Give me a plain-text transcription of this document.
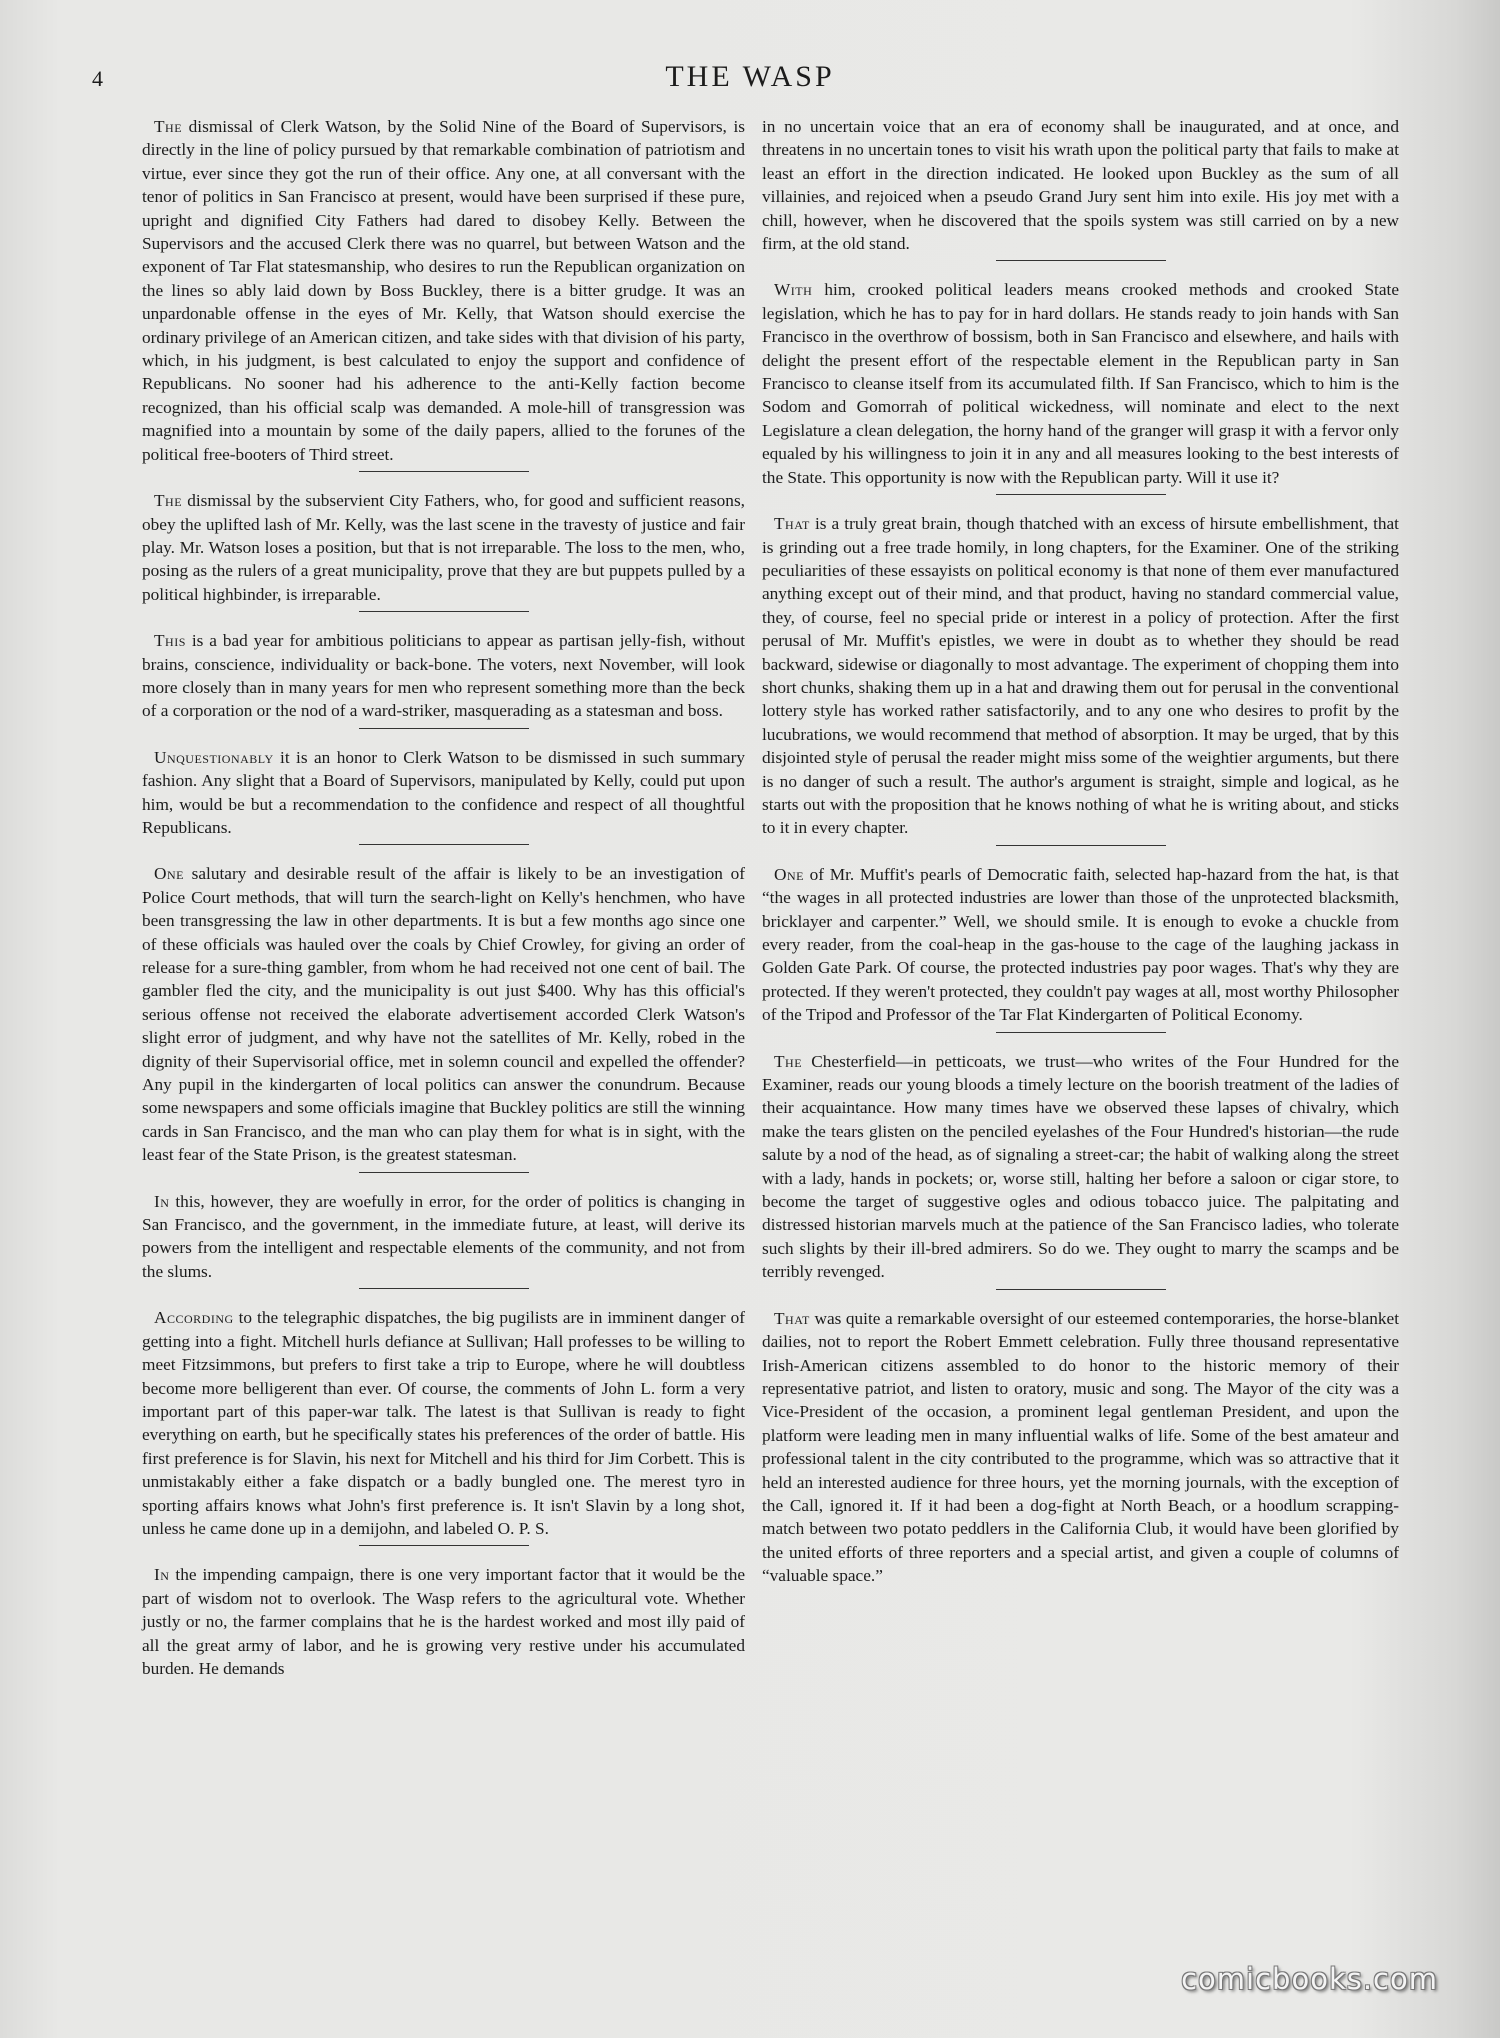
4	THE WASP

The dismissal of Clerk Watson, by the Solid Nine of the Board of Supervisors, is directly in the line of policy pursued by that remarkable combination of patriotism and virtue, ever since they got the run of their office. Any one, at all conversant with the tenor of politics in San Francisco at present, would have been surprised if these pure, upright and dignified City Fathers had dared to disobey Kelly. Between the Supervisors and the accused Clerk there was no quarrel, but between Watson and the exponent of Tar Flat statesmanship, who desires to run the Republican organization on the lines so ably laid down by Boss Buckley, there is a bitter grudge. It was an unpardonable offense in the eyes of Mr. Kelly, that Watson should exercise the ordinary privilege of an American citizen, and take sides with that division of his party, which, in his judgment, is best calculated to enjoy the support and confidence of Republicans. No sooner had his adherence to the anti-Kelly faction become recognized, than his official scalp was demanded. A mole-hill of transgression was magnified into a mountain by some of the daily papers, allied to the forunes of the political free-booters of Third street.

The dismissal by the subservient City Fathers, who, for good and sufficient reasons, obey the uplifted lash of Mr. Kelly, was the last scene in the travesty of justice and fair play. Mr. Watson loses a position, but that is not irreparable. The loss to the men, who, posing as the rulers of a great municipality, prove that they are but puppets pulled by a political highbinder, is irreparable.

This is a bad year for ambitious politicians to appear as partisan jelly-fish, without brains, conscience, individuality or back-bone. The voters, next November, will look more closely than in many years for men who represent something more than the beck of a corporation or the nod of a ward-striker, masquerading as a statesman and boss.

Unquestionably it is an honor to Clerk Watson to be dismissed in such summary fashion. Any slight that a Board of Supervisors, manipulated by Kelly, could put upon him, would be but a recommendation to the confidence and respect of all thoughtful Republicans.

One salutary and desirable result of the affair is likely to be an investigation of Police Court methods, that will turn the search-light on Kelly's henchmen, who have been transgressing the law in other departments. It is but a few months ago since one of these officials was hauled over the coals by Chief Crowley, for giving an order of release for a sure-thing gambler, from whom he had received not one cent of bail. The gambler fled the city, and the municipality is out just $400. Why has this official's serious offense not received the elaborate advertisement accorded Clerk Watson's slight error of judgment, and why have not the satellites of Mr. Kelly, robed in the dignity of their Supervisorial office, met in solemn council and expelled the offender? Any pupil in the kindergarten of local politics can answer the conundrum. Because some newspapers and some officials imagine that Buckley politics are still the winning cards in San Francisco, and the man who can play them for what is in sight, with the least fear of the State Prison, is the greatest statesman.

In this, however, they are woefully in error, for the order of politics is changing in San Francisco, and the government, in the immediate future, at least, will derive its powers from the intelligent and respectable elements of the community, and not from the slums.

According to the telegraphic dispatches, the big pugilists are in imminent danger of getting into a fight. Mitchell hurls defiance at Sullivan; Hall professes to be willing to meet Fitzsimmons, but prefers to first take a trip to Europe, where he will doubtless become more belligerent than ever. Of course, the comments of John L. form a very important part of this paper-war talk. The latest is that Sullivan is ready to fight everything on earth, but he specifically states his preferences of the order of battle. His first preference is for Slavin, his next for Mitchell and his third for Jim Corbett. This is unmistakably either a fake dispatch or a badly bungled one. The merest tyro in sporting affairs knows what John's first preference is. It isn't Slavin by a long shot, unless he came done up in a demijohn, and labeled O. P. S.

In the impending campaign, there is one very important factor that it would be the part of wisdom not to overlook. The Wasp refers to the agricultural vote. Whether justly or no, the farmer complains that he is the hardest worked and most illy paid of all the great army of labor, and he is growing very restive under his accumulated burden. He demands

in no uncertain voice that an era of economy shall be inaugurated, and at once, and threatens in no uncertain tones to visit his wrath upon the political party that fails to make at least an effort in the direction indicated. He looked upon Buckley as the sum of all villainies, and rejoiced when a pseudo Grand Jury sent him into exile. His joy met with a chill, however, when he discovered that the spoils system was still carried on by a new firm, at the old stand.

With him, crooked political leaders means crooked methods and crooked State legislation, which he has to pay for in hard dollars. He stands ready to join hands with San Francisco in the overthrow of bossism, both in San Francisco and elsewhere, and hails with delight the present effort of the respectable element in the Republican party in San Francisco to cleanse itself from its accumulated filth. If San Francisco, which to him is the Sodom and Gomorrah of political wickedness, will nominate and elect to the next Legislature a clean delegation, the horny hand of the granger will grasp it with a fervor only equaled by his willingness to join it in any and all measures looking to the best interests of the State. This opportunity is now with the Republican party. Will it use it?

That is a truly great brain, though thatched with an excess of hirsute embellishment, that is grinding out a free trade homily, in long chapters, for the Examiner. One of the striking peculiarities of these essayists on political economy is that none of them ever manufactured anything except out of their mind, and that product, having no standard commercial value, they, of course, feel no special pride or interest in a policy of protection. After the first perusal of Mr. Muffit's epistles, we were in doubt as to whether they should be read backward, sidewise or diagonally to most advantage. The experiment of chopping them into short chunks, shaking them up in a hat and drawing them out for perusal in the conventional lottery style has worked rather satisfactorily, and to any one who desires to profit by the lucubrations, we would recommend that method of absorption. It may be urged, that by this disjointed style of perusal the reader might miss some of the weightier arguments, but there is no danger of such a result. The author's argument is straight, simple and logical, as he starts out with the proposition that he knows nothing of what he is writing about, and sticks to it in every chapter.

One of Mr. Muffit's pearls of Democratic faith, selected hap-hazard from the hat, is that “the wages in all protected industries are lower than those of the unprotected blacksmith, bricklayer and carpenter.” Well, we should smile. It is enough to evoke a chuckle from every reader, from the coal-heap in the gas-house to the cage of the laughing jackass in Golden Gate Park. Of course, the protected industries pay poor wages. That's why they are protected. If they weren't protected, they couldn't pay wages at all, most worthy Philosopher of the Tripod and Professor of the Tar Flat Kindergarten of Political Economy.

The Chesterfield—in petticoats, we trust—who writes of the Four Hundred for the Examiner, reads our young bloods a timely lecture on the boorish treatment of the ladies of their acquaintance. How many times have we observed these lapses of chivalry, which make the tears glisten on the penciled eyelashes of the Four Hundred's historian—the rude salute by a nod of the head, as of signaling a street-car; the habit of walking along the street with a lady, hands in pockets; or, worse still, halting her before a saloon or cigar store, to become the target of suggestive ogles and odious tobacco juice. The palpitating and distressed historian marvels much at the patience of the San Francisco ladies, who tolerate such slights by their ill-bred admirers. So do we. They ought to marry the scamps and be terribly revenged.

That was quite a remarkable oversight of our esteemed contemporaries, the horse-blanket dailies, not to report the Robert Emmett celebration. Fully three thousand representative Irish-American citizens assembled to do honor to the historic memory of their representative patriot, and listen to oratory, music and song. The Mayor of the city was a Vice-President of the occasion, a prominent legal gentleman President, and upon the platform were leading men in many influential walks of life. Some of the best amateur and professional talent in the city contributed to the programme, which was so attractive that it held an interested audience for three hours, yet the morning journals, with the exception of the Call, ignored it. If it had been a dog-fight at North Beach, or a hoodlum scrapping-match between two potato peddlers in the California Club, it would have been glorified by the united efforts of three reporters and a special artist, and given a couple of columns of “valuable space.”

comicbooks.com
